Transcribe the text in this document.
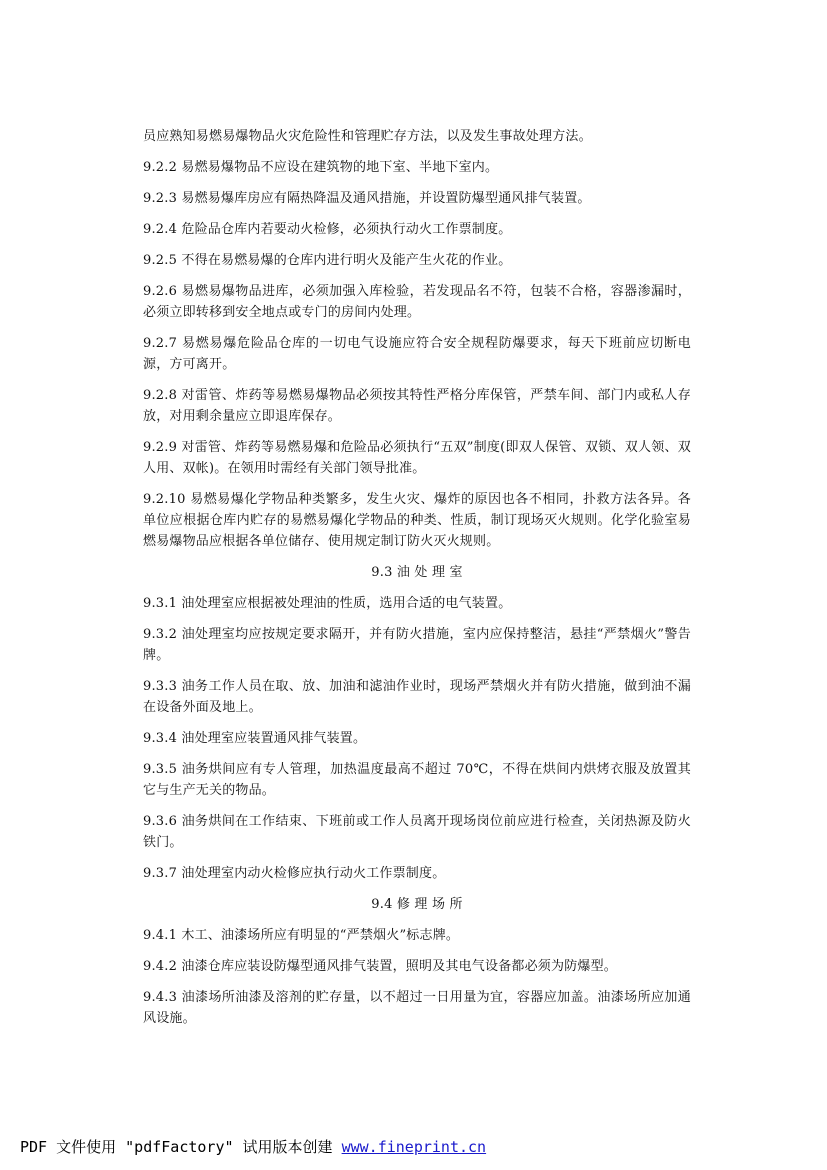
员应熟知易燃易爆物品火灾危险性和管理贮存方法，以及发生事故处理方法。

9.2.2 易燃易爆物品不应设在建筑物的地下室、半地下室内。

9.2.3 易燃易爆库房应有隔热降温及通风措施，并设置防爆型通风排气装置。

9.2.4 危险品仓库内若要动火检修，必须执行动火工作票制度。

9.2.5 不得在易燃易爆的仓库内进行明火及能产生火花的作业。

9.2.6 易燃易爆物品进库，必须加强入库检验，若发现品名不符，包装不合格，容器渗漏时，必须立即转移到安全地点或专门的房间内处理。

9.2.7 易燃易爆危险品仓库的一切电气设施应符合安全规程防爆要求，每天下班前应切断电源，方可离开。

9.2.8 对雷管、炸药等易燃易爆物品必须按其特性严格分库保管，严禁车间、部门内或私人存放，对用剩余量应立即退库保存。

9.2.9 对雷管、炸药等易燃易爆和危险品必须执行“五双”制度(即双人保管、双锁、双人领、双人用、双帐)。在领用时需经有关部门领导批准。

9.2.10 易燃易爆化学物品种类繁多，发生火灾、爆炸的原因也各不相同，扑救方法各异。各单位应根据仓库内贮存的易燃易爆化学物品的种类、性质，制订现场灭火规则。化学化验室易燃易爆物品应根据各单位储存、使用规定制订防火灭火规则。

9.3 油 处 理 室

9.3.1 油处理室应根据被处理油的性质，选用合适的电气装置。

9.3.2 油处理室均应按规定要求隔开，并有防火措施，室内应保持整洁，悬挂“严禁烟火”警告牌。

9.3.3 油务工作人员在取、放、加油和滤油作业时，现场严禁烟火并有防火措施，做到油不漏在设备外面及地上。

9.3.4 油处理室应装置通风排气装置。

9.3.5 油务烘间应有专人管理，加热温度最高不超过 70℃，不得在烘间内烘烤衣服及放置其它与生产无关的物品。

9.3.6 油务烘间在工作结束、下班前或工作人员离开现场岗位前应进行检查，关闭热源及防火铁门。

9.3.7 油处理室内动火检修应执行动火工作票制度。

9.4 修 理 场 所

9.4.1 木工、油漆场所应有明显的“严禁烟火”标志牌。

9.4.2 油漆仓库应装设防爆型通风排气装置，照明及其电气设备都必须为防爆型。

9.4.3 油漆场所油漆及溶剂的贮存量，以不超过一日用量为宜，容器应加盖。油漆场所应加通风设施。

PDF 文件使用 "pdfFactory" 试用版本创建 www.fineprint.cn
